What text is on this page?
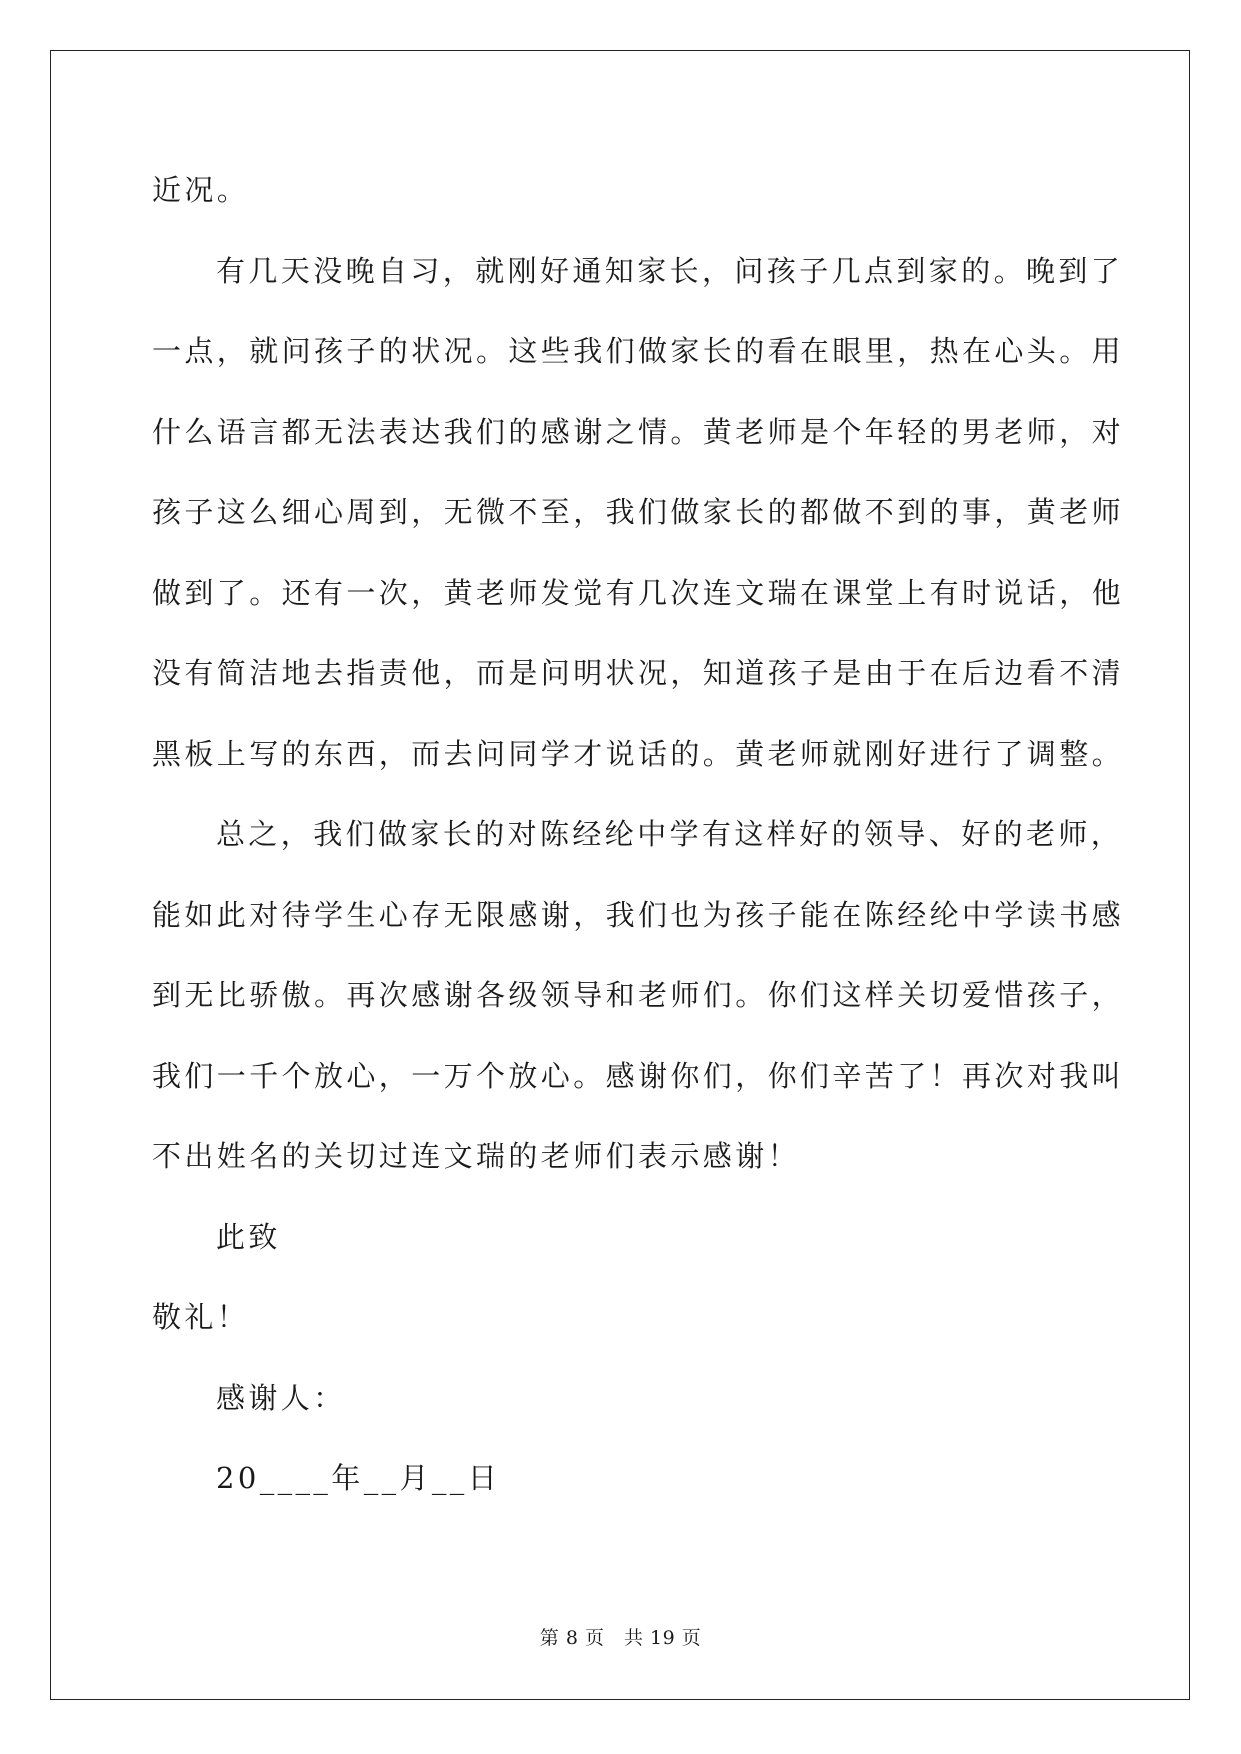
近况。
有几天没晚自习，就刚好通知家长，问孩子几点到家的。晚到了
一点，就问孩子的状况。这些我们做家长的看在眼里，热在心头。用
什么语言都无法表达我们的感谢之情。黄老师是个年轻的男老师，对
孩子这么细心周到，无微不至，我们做家长的都做不到的事，黄老师
做到了。还有一次，黄老师发觉有几次连文瑞在课堂上有时说话，他
没有简洁地去指责他，而是问明状况，知道孩子是由于在后边看不清
黑板上写的东西，而去问同学才说话的。黄老师就刚好进行了调整。
总之，我们做家长的对陈经纶中学有这样好的领导、好的老师，
能如此对待学生心存无限感谢，我们也为孩子能在陈经纶中学读书感
到无比骄傲。再次感谢各级领导和老师们。你们这样关切爱惜孩子，
我们一千个放心，一万个放心。感谢你们，你们辛苦了！再次对我叫
不出姓名的关切过连文瑞的老师们表示感谢！
此致
敬礼！
感谢人：
20____年__月__日
第 8 页　共 19 页
